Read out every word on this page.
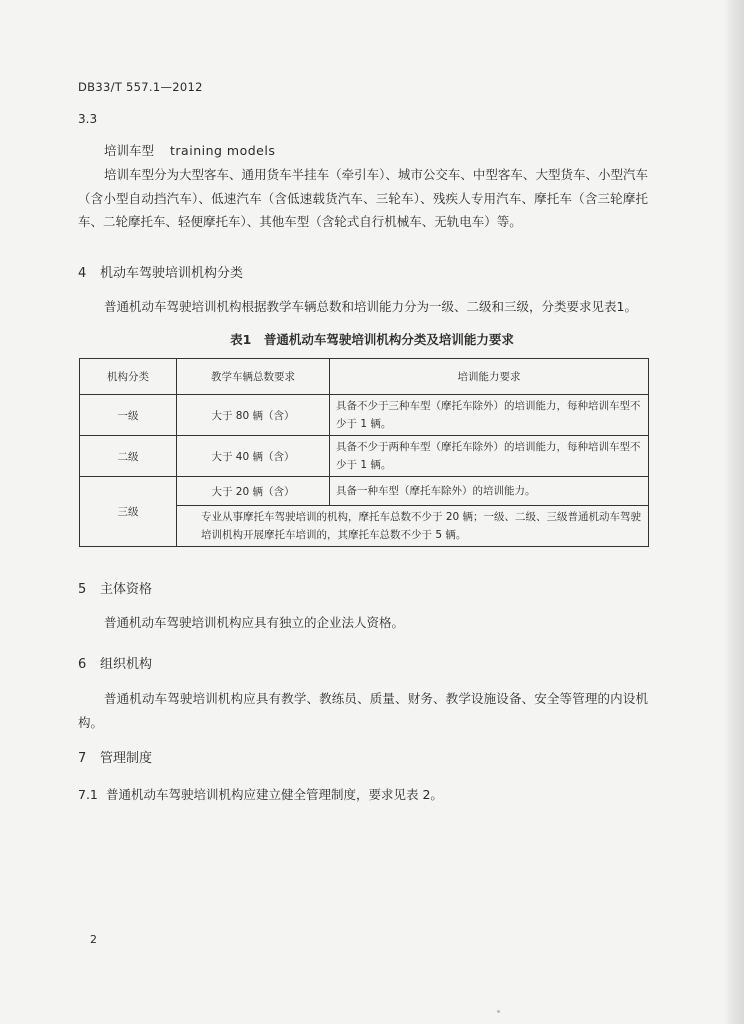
DB33/T 557.1—2012
3.3
培训车型 training models
培训车型分为大型客车、通用货车半挂车（牵引车）、城市公交车、中型客车、大型货车、小型汽车（含小型自动挡汽车）、低速汽车（含低速载货汽车、三轮车）、残疾人专用汽车、摩托车（含三轮摩托车、二轮摩托车、轻便摩托车）、其他车型（含轮式自行机械车、无轨电车）等。
4 机动车驾驶培训机构分类
普通机动车驾驶培训机构根据教学车辆总数和培训能力分为一级、二级和三级，分类要求见表1。
表1　普通机动车驾驶培训机构分类及培训能力要求
机构分类	教学车辆总数要求	培训能力要求
一级	大于 80 辆（含）	具备不少于三种车型（摩托车除外）的培训能力，每种培训车型不少于 1 辆。
二级	大于 40 辆（含）	具备不少于两种车型（摩托车除外）的培训能力，每种培训车型不少于 1 辆。
三级	大于 20 辆（含）	具备一种车型（摩托车除外）的培训能力。
	专业从事摩托车驾驶培训的机构，摩托车总数不少于 20 辆；一级、二级、三级普通机动车驾驶培训机构开展摩托车培训的，其摩托车总数不少于 5 辆。	
5 主体资格
普通机动车驾驶培训机构应具有独立的企业法人资格。
6 组织机构
普通机动车驾驶培训机构应具有教学、教练员、质量、财务、教学设施设备、安全等管理的内设机构。
7 管理制度
7.1 普通机动车驾驶培训机构应建立健全管理制度，要求见表 2。
2
